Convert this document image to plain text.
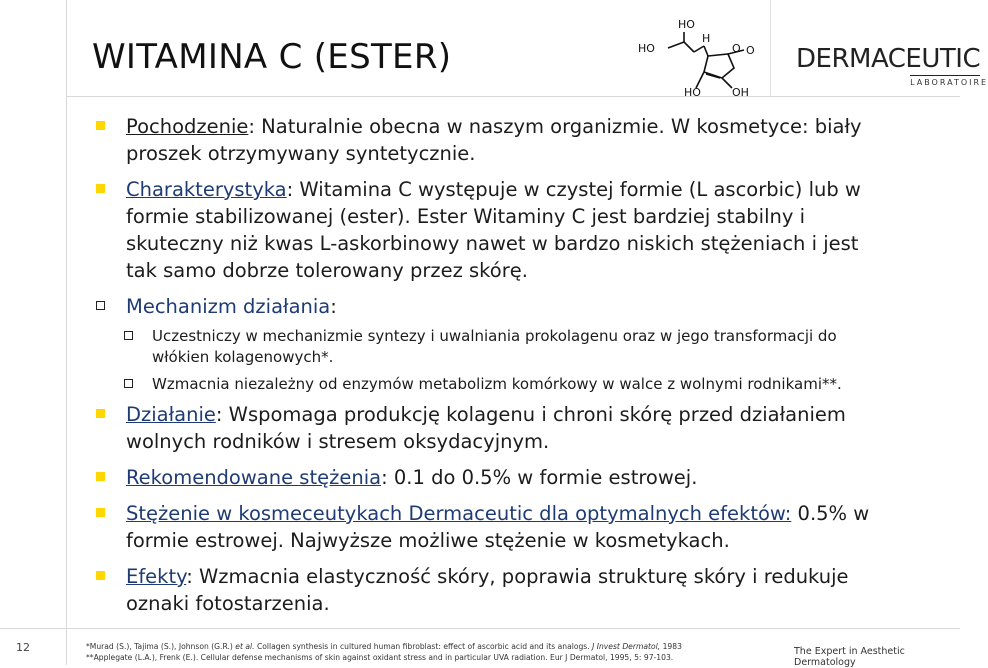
WITAMINA C (ESTER)	HO
HO
H
O O
HO	OH
DERMACEUTIC
LABORATOIRE
Pochodzenie: Naturalnie obecna w naszym organizmie. W kosmetyce: biały proszek otrzymywany syntetycznie.
Charakterystyka: Witamina C występuje w czystej formie (L ascorbic) lub w formie stabilizowanej (ester). Ester Witaminy C jest bardziej stabilny i skuteczny niż kwas L-askorbinowy nawet w bardzo niskich stężeniach i jest tak samo dobrze tolerowany przez skórę.
Mechanizm działania:
Uczestniczy w mechanizmie syntezy i uwalniania prokolagenu oraz w jego transformacji do włókien kolagenowych*.
Wzmacnia niezależny od enzymów metabolizm komórkowy w walce z wolnymi rodnikami**.
Działanie: Wspomaga produkcję kolagenu i chroni skórę przed działaniem wolnych rodników i stresem oksydacyjnym.
Rekomendowane stężenia: 0.1 do 0.5% w formie estrowej.
Stężenie w kosmeceutykach Dermaceutic dla optymalnych efektów: 0.5% w formie estrowej. Najwyższe możliwe stężenie w kosmetykach.
Efekty: Wzmacnia elastyczność skóry, poprawia strukturę skóry i redukuje oznaki fotostarzenia.
12	*Murad (S.), Tajima (S.), Johnson (G.R.) et al. Collagen synthesis in cultured human fibroblast: effect of ascorbic acid and its analogs. J Invest Dermatol, 1983
**Applegate (L.A.), Frenk (E.). Cellular defense mechanisms of skin against oxidant stress and in particular UVA radiation. Eur J Dermatol, 1995, 5: 97-103.
The Expert in Aesthetic Dermatology
